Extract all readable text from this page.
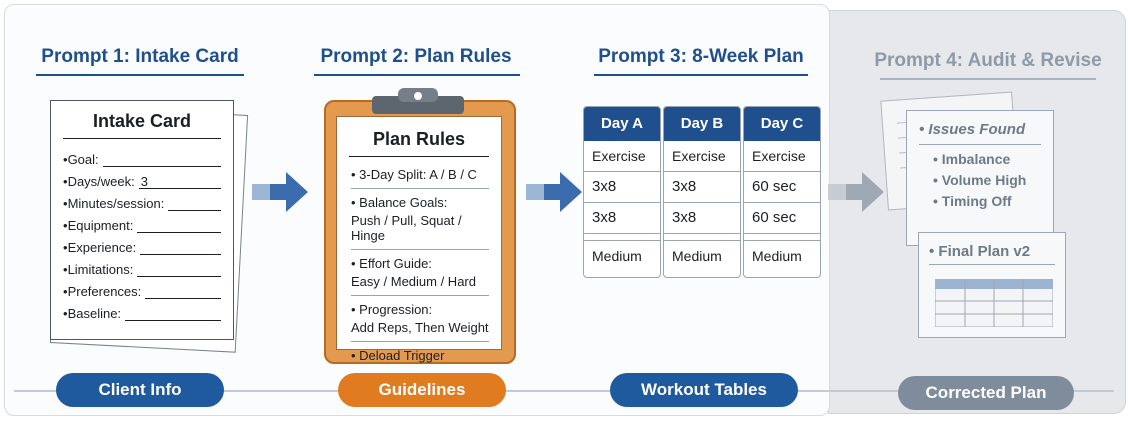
Prompt 1: Intake Card
Intake Card
• Goal:
• Days/week: 3
• Minutes/session:
• Equipment:
• Experience:
• Limitations:
• Preferences:
• Baseline:
Client Info
Prompt 2: Plan Rules
Plan Rules
• 3-Day Split: A / B / C
• Balance Goals:
Push / Pull, Squat / Hinge
• Effort Guide:
Easy / Medium / Hard
• Progression:
Add Reps, Then Weight
• Deload Trigger
Guidelines
Prompt 3: 8-Week Plan
Day A
Exercise
3x8
3x8
Medium
Day B
Exercise
3x8
3x8
Medium
Day C
Exercise
60 sec
60 sec
Medium
Workout Tables
Prompt 4: Audit & Revise
• Issues Found
• Imbalance
• Volume High
• Timing Off
• Final Plan v2
Corrected Plan
